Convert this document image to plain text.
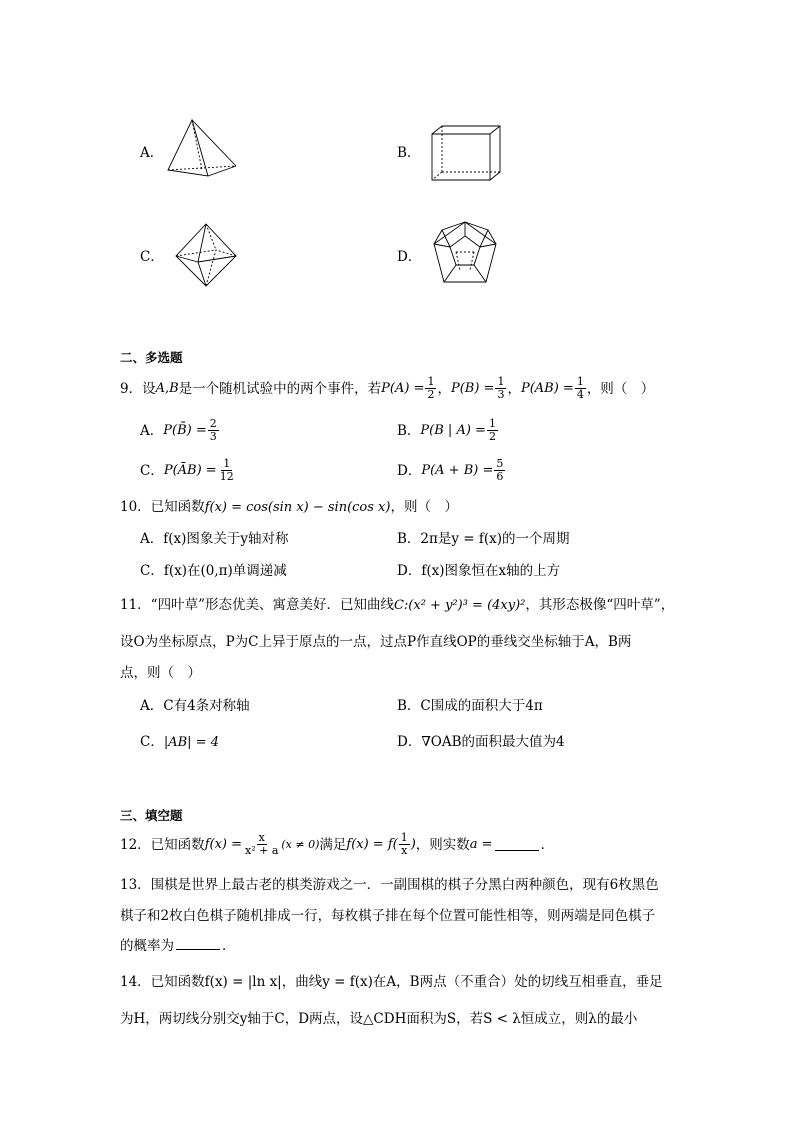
A．	B．
C．	D．
二、多选题
9．设 A,B 是一个随机试验中的两个事件，若 $P(A) = \frac{1}{2}$ ， $P(B) = \frac{1}{3}$ ， $P(AB) = \frac{1}{4}$ ，则（　）
A． P(B̄) = $\frac{2}{3}$	B． P(B | $A) = \frac{1}{2}$
C． P(ĀB) = $\frac{1}{12}$	D． $P(A + B) = \frac{5}{6}$
10．已知函数f(x) = cos(sin x) − sin(cos x)，则（　）
A．f(x)图象关于y轴对称	B．2π是y = f(x)的一个周期
C．f(x)在(0,π)单调递减	D．f(x)图象恒在x轴的上方
11．“四叶草”形态优美、寓意美好．已知曲线C:(x² + y²)³ = (4xy)²，其形态极像“四叶草”，
设O为坐标原点，P为C上异于原点的一点，过点P作直线OP的垂线交坐标轴于A，B两
点，则（　）
A．C有4条对称轴	B．C围成的面积大于4π
C．|AB| = 4	D．∇OAB的面积最大值为4
三、填空题
12．已知函数 $f(x) = \frac{x}{\text{x² + a}} (x \ne 0)$ 满足 $f(x) = f( \frac{1}{x}$ ) ，则实数 a =	．
13．围棋是世界上最古老的棋类游戏之一．一副围棋的棋子分黑白两种颜色，现有6枚黑色
棋子和2枚白色棋子随机排成一行，每枚棋子排在每个位置可能性相等，则两端是同色棋子
的概率为	．
14．已知函数f(x) = |ln x|，曲线y = f(x)在A，B两点（不重合）处的切线互相垂直，垂足
为H，两切线分别交y轴于C，D两点，设△CDH面积为S，若S < λ恒成立，则λ的最小
